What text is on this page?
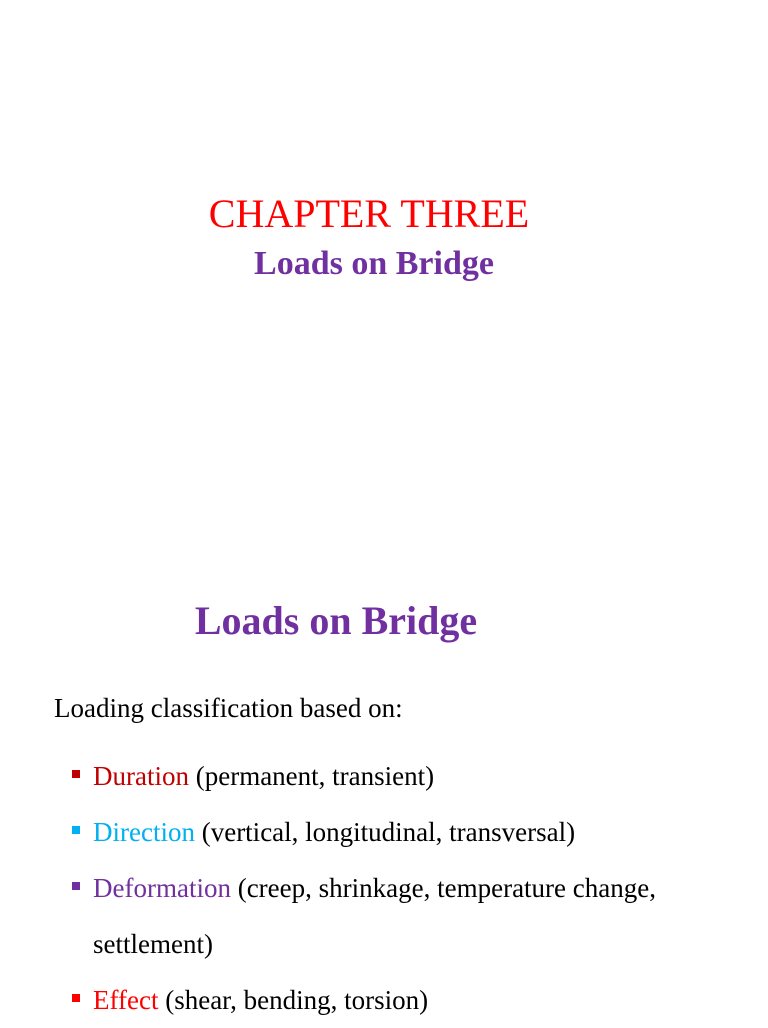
CHAPTER THREE
Loads on Bridge
Loads on Bridge

Loading classification based on:

Duration (permanent, transient)
Direction (vertical, longitudinal, transversal)
Deformation (creep, shrinkage, temperature change, settlement)
Effect (shear, bending, torsion)
